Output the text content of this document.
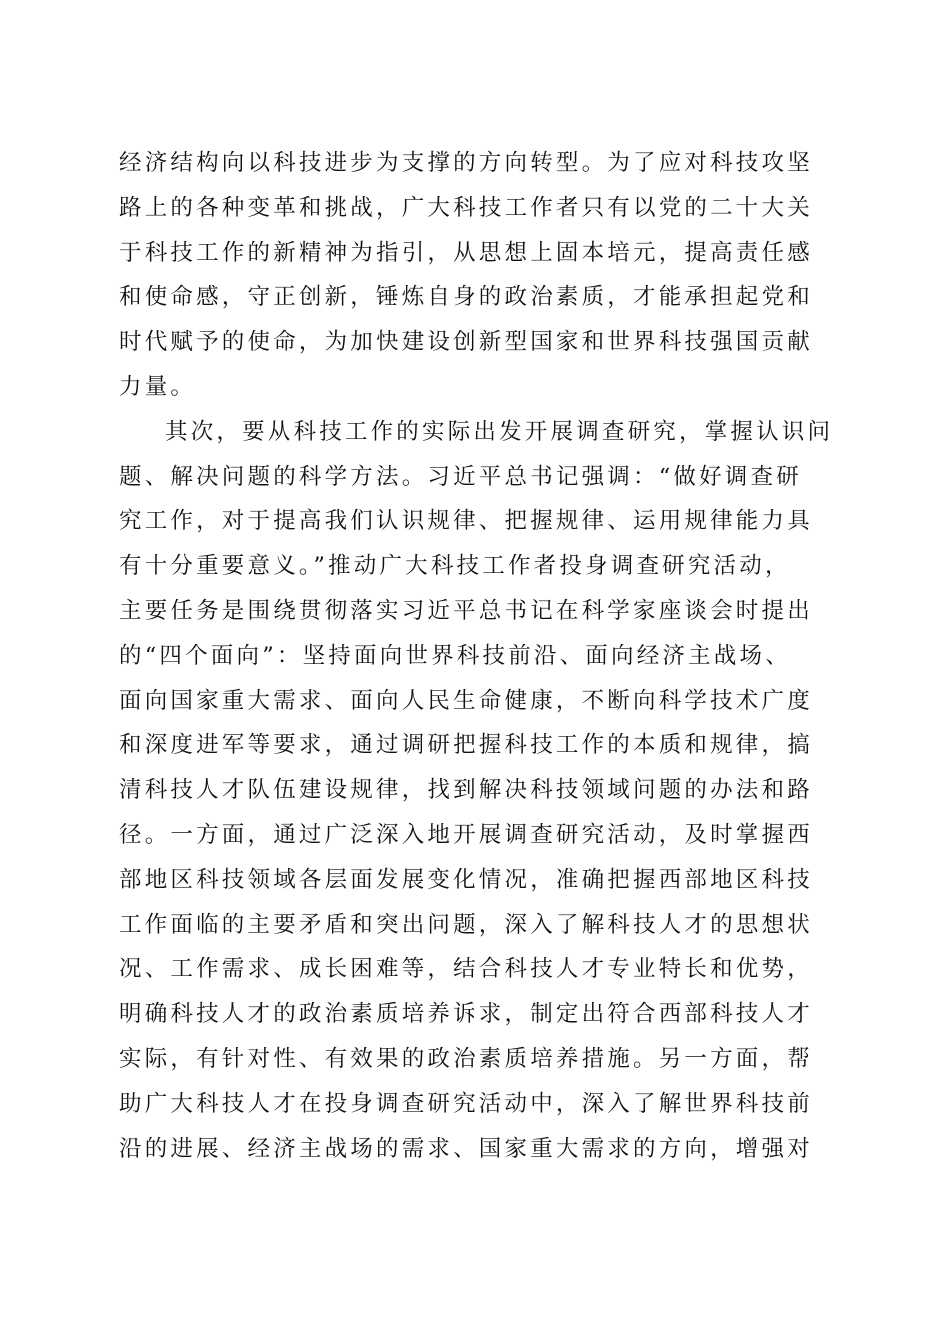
经济结构向以科技进步为支撑的方向转型。为了应对科技攻坚
路上的各种变革和挑战，广大科技工作者只有以党的二十大关
于科技工作的新精神为指引，从思想上固本培元，提高责任感
和使命感，守正创新，锤炼自身的政治素质，才能承担起党和
时代赋予的使命，为加快建设创新型国家和世界科技强国贡献
力量。
其次，要从科技工作的实际出发开展调查研究，掌握认识问
题、解决问题的科学方法。习近平总书记强调：“做好调查研
究工作，对于提高我们认识规律、把握规律、运用规律能力具
有十分重要意义。”推动广大科技工作者投身调查研究活动，
主要任务是围绕贯彻落实习近平总书记在科学家座谈会时提出
的“四个面向”：坚持面向世界科技前沿、面向经济主战场、
面向国家重大需求、面向人民生命健康，不断向科学技术广度
和深度进军等要求，通过调研把握科技工作的本质和规律，搞
清科技人才队伍建设规律，找到解决科技领域问题的办法和路
径。一方面，通过广泛深入地开展调查研究活动，及时掌握西
部地区科技领域各层面发展变化情况，准确把握西部地区科技
工作面临的主要矛盾和突出问题，深入了解科技人才的思想状
况、工作需求、成长困难等，结合科技人才专业特长和优势，
明确科技人才的政治素质培养诉求，制定出符合西部科技人才
实际，有针对性、有效果的政治素质培养措施。另一方面，帮
助广大科技人才在投身调查研究活动中，深入了解世界科技前
沿的进展、经济主战场的需求、国家重大需求的方向，增强对
